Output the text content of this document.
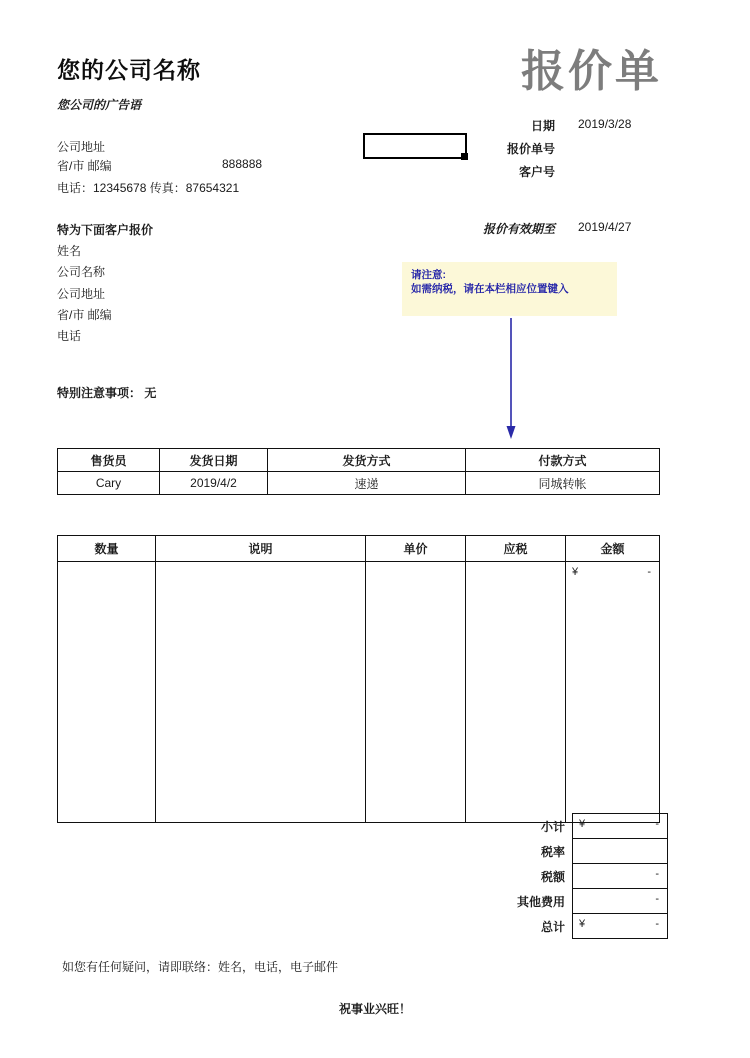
您的公司名称
您公司的广告语
报价单
公司地址
省/市 邮编	888888
电话：12345678 传真：87654321
日期 2019/3/28
报价单号
客户号
特为下面客户报价
姓名
公司名称
公司地址
省/市 邮编
电话
报价有效期至 2019/4/27
请注意:
如需纳税，请在本栏相应位置键入
特别注意事项： 无
售货员	发货日期	发货方式	付款方式
Cary	2019/4/2	速递	同城转帐
数量	说明	单价	应税	金额

				¥ -
小计	¥ -

税率	

税额	-

其他费用	-

总计	¥ -
如您有任何疑问，请即联络：姓名，电话，电子邮件
祝事业兴旺！
